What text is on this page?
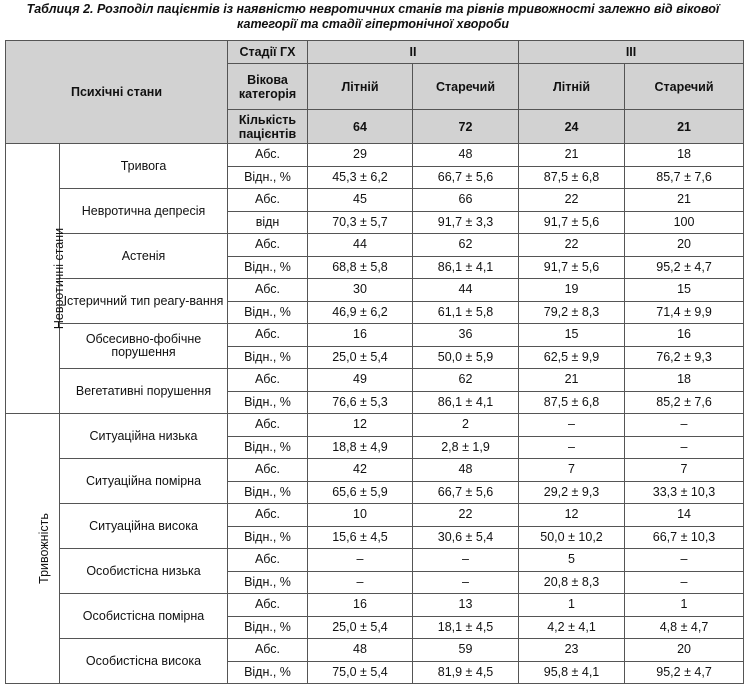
Таблиця 2. Розподіл пацієнтів із наявністю невротичних станів та рівнів тривожності залежно від вікової категорії та стадії гіпертонічної хвороби
Психічні стани		Стадії ГХ	II		III	
		Вікова категорія	Літній	Старечий	Літній	Старечий
		Кількість пацієнтів	64	72	24	21
Невротичні стани	Тривога	Абс.	29	48	21	18
		Відн., %	45,3 ± 6,2	66,7 ± 5,6	87,5 ± 6,8	85,7 ± 7,6
	Невротична депресія	Абс.	45	66	22	21
		відн	70,3 ± 5,7	91,7 ± 3,3	91,7 ± 5,6	100
	Астенія	Абс.	44	62	22	20
		Відн., %	68,8 ± 5,8	86,1 ± 4,1	91,7 ± 5,6	95,2 ± 4,7
	Істеричний тип реагу-вання	Абс.	30	44	19	15
		Відн., %	46,9 ± 6,2	61,1 ± 5,8	79,2 ± 8,3	71,4 ± 9,9
	Обсесивно-фобічне порушення	Абс.	16	36	15	16
		Відн., %	25,0 ± 5,4	50,0 ± 5,9	62,5 ± 9,9	76,2 ± 9,3
	Вегетативні порушення	Абс.	49	62	21	18
		Відн., %	76,6 ± 5,3	86,1 ± 4,1	87,5 ± 6,8	85,2 ± 7,6
Тривожність	Ситуаційна низька	Абс.	12	2	–	–
		Відн., %	18,8 ± 4,9	2,8 ± 1,9	–	–
	Ситуаційна помірна	Абс.	42	48	7	7
		Відн., %	65,6 ± 5,9	66,7 ± 5,6	29,2 ± 9,3	33,3 ± 10,3
	Ситуаційна висока	Абс.	10	22	12	14
		Відн., %	15,6 ± 4,5	30,6 ± 5,4	50,0 ± 10,2	66,7 ± 10,3
	Особистісна низька	Абс.	–	–	5	–
		Відн., %	–	–	20,8 ± 8,3	–
	Особистісна помірна	Абс.	16	13	1	1
		Відн., %	25,0 ± 5,4	18,1 ± 4,5	4,2 ± 4,1	4,8 ± 4,7
	Особистісна висока	Абс.	48	59	23	20
		Відн., %	75,0 ± 5,4	81,9 ± 4,5	95,8 ± 4,1	95,2 ± 4,7
